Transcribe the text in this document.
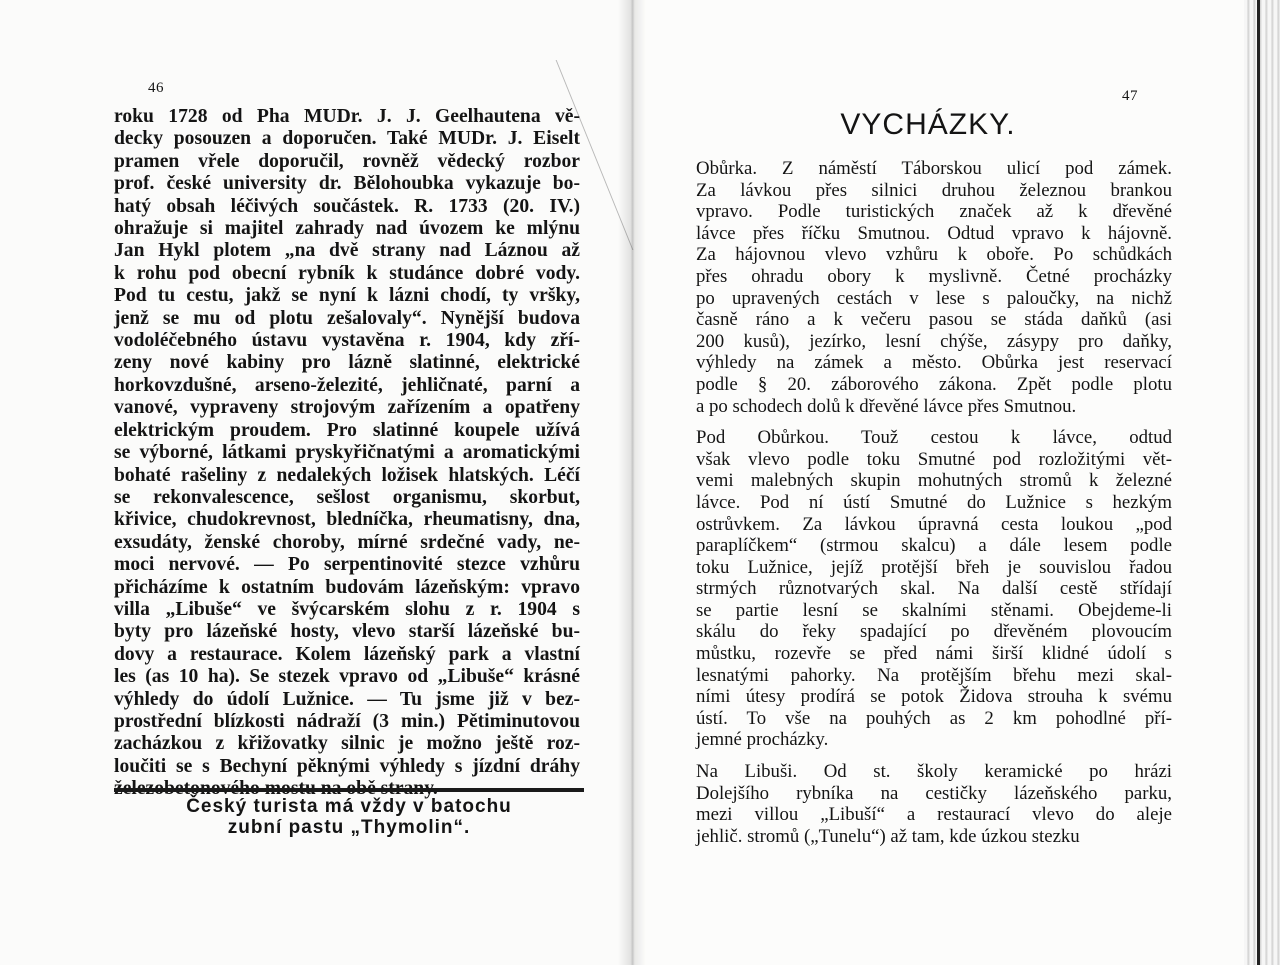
46
roku 1728 od Pha MUDr. J. J. Geelhautena vě-
decky posouzen a doporučen. Také MUDr. J. Eiselt
pramen vřele doporučil, rovněž vědecký rozbor
prof. české university dr. Bělohoubka vykazuje bo-
hatý obsah léčivých součástek. R. 1733 (20. IV.)
ohražuje si majitel zahrady nad úvozem ke mlýnu
Jan Hykl plotem „na dvě strany nad Láznou až
k rohu pod obecní rybník k studánce dobré vody.
Pod tu cestu, jakž se nyní k lázni chodí, ty vršky,
jenž se mu od plotu zešalovaly“. Nynější budova
vodoléčebného ústavu vystavěna r. 1904, kdy zří-
zeny nové kabiny pro lázně slatinné, elektrické
horkovzdušné, arseno-železité, jehličnaté, parní a
vanové, vypraveny strojovým zařízením a opatřeny
elektrickým proudem. Pro slatinné koupele užívá
se výborné, látkami pryskyřičnatými a aromatickými
bohaté rašeliny z nedalekých ložisek hlatských. Léčí
se rekonvalescence, sešlost organismu, skorbut,
křivice, chudokrevnost, bledníčka, rheumatisny, dna,
exsudáty, ženské choroby, mírné srdečné vady, ne-
moci nervové. — Po serpentinovité stezce vzhůru
přicházíme k ostatním budovám lázeňským: vpravo
villa „Libuše“ ve švýcarském slohu z r. 1904 s
byty pro lázeňské hosty, vlevo starší lázeňské bu-
dovy a restaurace. Kolem lázeňský park a vlastní
les (as 10 ha). Se stezek vpravo od „Libuše“ krásné
výhledy do údolí Lužnice. — Tu jsme již v bez-
prostřední blízkosti nádraží (3 min.) Pětiminutovou
zacházkou z křižovatky silnic je možno ještě roz-
loučiti se s Bechyní pěknými výhledy s jízdní dráhy
Český turista má vždy v batochu
zubní pastu „Thymolin“.
47
VYCHÁZKY.
Obůrka. Z náměstí Táborskou ulicí pod zámek.
Za lávkou přes silnici druhou železnou brankou
vpravo. Podle turistických značek až k dřevěné
lávce přes říčku Smutnou. Odtud vpravo k hájovně.
Za hájovnou vlevo vzhůru k oboře. Po schůdkách
přes ohradu obory k myslivně. Četné procházky
po upravených cestách v lese s paloučky, na nichž
časně ráno a k večeru pasou se stáda daňků (asi
200 kusů), jezírko, lesní chýše, zásypy pro daňky,
výhledy na zámek a město. Obůrka jest reservací
podle § 20. záborového zákona. Zpět podle plotu
a po schodech dolů k dřevěné lávce přes Smutnou.
Pod Obůrkou. Touž cestou k lávce, odtud
však vlevo podle toku Smutné pod rozložitými vět-
vemi malebných skupin mohutných stromů k železné
lávce. Pod ní ústí Smutné do Lužnice s hezkým
ostrůvkem. Za lávkou úpravná cesta loukou „pod
paraplíčkem“ (strmou skalcu) a dále lesem podle
toku Lužnice, jejíž protější břeh je souvislou řadou
strmých různotvarých skal. Na další cestě střídají
se partie lesní se skalními stěnami. Obejdeme-li
skálu do řeky spadající po dřevěném plovoucím
můstku, rozevře se před námi širší klidné údolí s
lesnatými pahorky. Na protějším břehu mezi skal-
ními útesy prodírá se potok Židova strouha k svému
ústí. To vše na pouhých as 2 km pohodlné pří-
jemné procházky.
Na Libuši. Od st. školy keramické po hrázi
Dolejšího rybníka na cestičky lázeňského parku,
mezi villou „Libuší“ a restaurací vlevo do aleje
jehlič. stromů („Tunelu“) až tam, kde úzkou stezku
